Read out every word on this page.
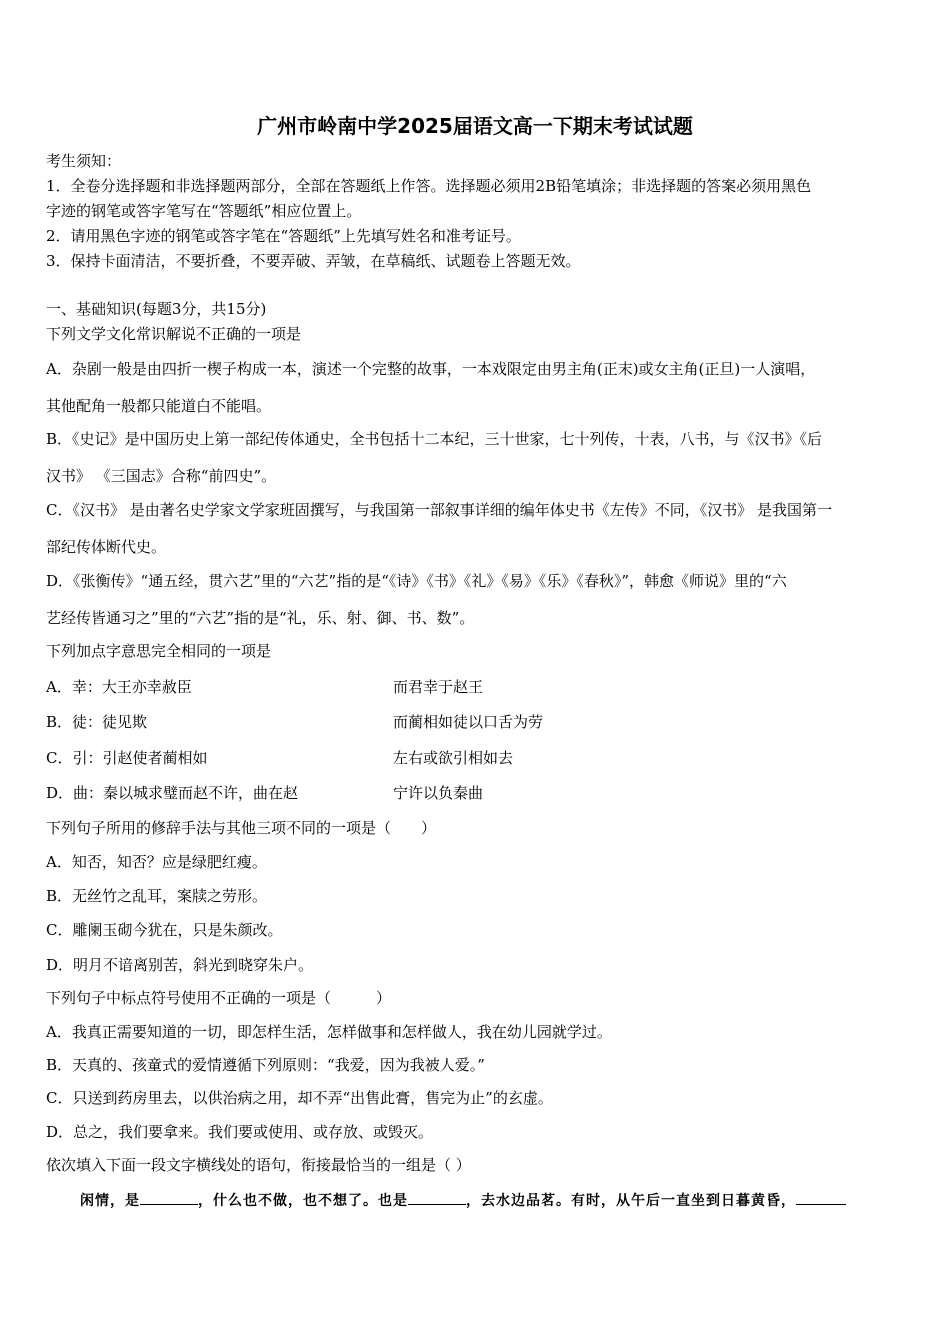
广州市岭南中学2025届语文高一下期末考试试题
考生须知：
1．全卷分选择题和非选择题两部分，全部在答题纸上作答。选择题必须用2B铅笔填涂；非选择题的答案必须用黑色
字迹的钢笔或答字笔写在“答题纸”相应位置上。
2．请用黑色字迹的钢笔或答字笔在“答题纸”上先填写姓名和准考证号。
3．保持卡面清洁，不要折叠，不要弄破、弄皱，在草稿纸、试题卷上答题无效。
一、基础知识(每题3分，共15分)
下列文学文化常识解说不正确的一项是
A．杂剧一般是由四折一楔子构成一本，演述一个完整的故事，一本戏限定由男主角(正末)或女主角(正旦)一人演唱，
其他配角一般都只能道白不能唱。
B．《史记》是中国历史上第一部纪传体通史，全书包括十二本纪，三十世家，七十列传，十表，八书，与《汉书》《后
汉书》 《三国志》合称“前四史”。
C．《汉书》 是由著名史学家文学家班固撰写，与我国第一部叙事详细的编年体史书《左传》不同，《汉书》 是我国第一
部纪传体断代史。
D．《张衡传》“通五经，贯六艺”里的“六艺”指的是“《诗》《书》《礼》《易》《乐》《春秋》”，韩愈《师说》里的“六
艺经传皆通习之”里的“六艺”指的是“礼，乐、射、御、书、数”。
下列加点字意思完全相同的一项是
A．幸：大王亦幸赦臣	而君幸于赵王
B．徒：徒见欺	而蔺相如徒以口舌为劳
C．引：引赵使者蔺相如	左右或欲引相如去
D．曲：秦以城求璧而赵不许，曲在赵	宁许以负秦曲
下列句子所用的修辞手法与其他三项不同的一项是（　　）
A．知否，知否？应是绿肥红瘦。
B．无丝竹之乱耳，案牍之劳形。
C．雕阑玉砌今犹在，只是朱颜改。
D．明月不谙离别苦，斜光到晓穿朱户。
下列句子中标点符号使用不正确的一项是（　　　）
A．我真正需要知道的一切，即怎样生活，怎样做事和怎样做人，我在幼儿园就学过。
B．天真的、孩童式的爱情遵循下列原则：“我爱，因为我被人爱。”
C．只送到药房里去，以供治病之用，却不弄“出售此膏，售完为止”的玄虚。
D．总之，我们要拿来。我们要或使用、或存放、或毁灭。
依次填入下面一段文字横线处的语句，衔接最恰当的一组是（ ）
闲情，是	，什么也不做，也不想了。也是	，去水边品茗。有时，从午后一直坐到日暮黄昏，
